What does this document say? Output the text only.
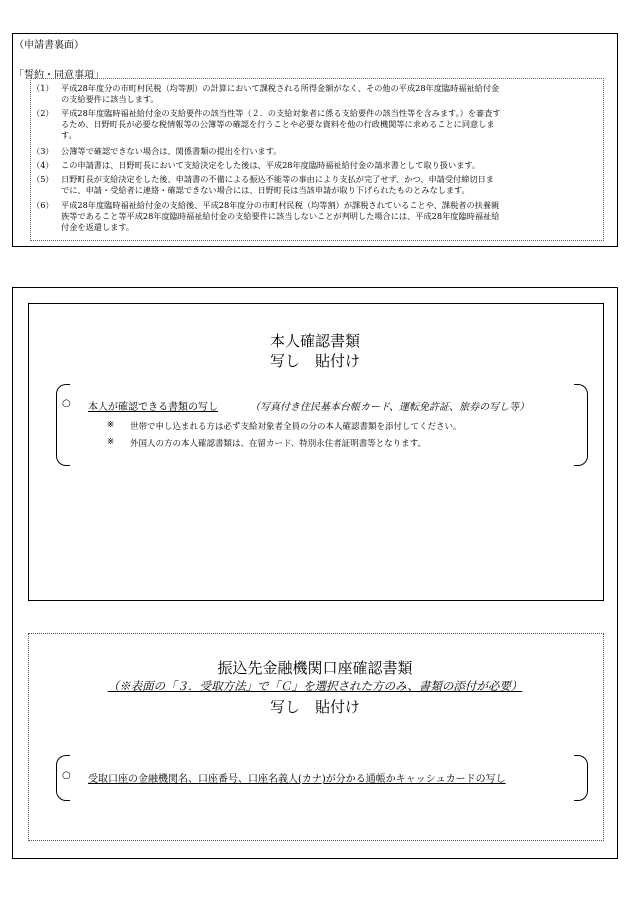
（申請書裏面）
「誓約・同意事項」
（1） 平成28年度分の市町村民税（均等割）の計算において課税される所得金額がなく、その他の平成28年度臨時福祉給付金
の支給要件に該当します。
（2） 平成28年度臨時福祉給付金の支給要件の該当性等（２．の支給対象者に係る支給要件の該当性等を含みます。）を審査す
るため、日野町長が必要な税情報等の公簿等の確認を行うことや必要な資料を他の行政機関等に求めることに同意しま
す。
（3） 公簿等で確認できない場合は、関係書類の提出を行います。
（4） この申請書は、日野町長において支給決定をした後は、平成28年度臨時福祉給付金の請求書として取り扱います。
（5） 日野町長が支給決定をした後、申請書の不備による振込不能等の事由により支払が完了せず、かつ、申請受付締切日ま
でに、申請・受給者に連絡・確認できない場合には、日野町長は当該申請が取り下げられたものとみなします。
（6） 平成28年度臨時福祉給付金の支給後、平成28年度分の市町村民税（均等割）が課税されていることや、課税者の扶養親
族等であること等平成28年度臨時福祉給付金の支給要件に該当しないことが判明した場合には、平成28年度臨時福祉給
付金を返還します。
本人確認書類
写し　貼付け
○ 本人が確認できる書類の写し	（写真付き住民基本台帳カード、運転免許証、旅券の写し等）
※ 世帯で申し込まれる方は必ず支給対象者全員の分の本人確認書類を添付してください。
※ 外国人の方の本人確認書類は、在留カード、特別永住者証明書等となります。
振込先金融機関口座確認書類
（※表面の「３．受取方法」で「Ｃ」を選択された方のみ、書類の添付が必要）
写し　貼付け
○ 受取口座の金融機関名、口座番号、口座名義人(カナ)が分かる通帳かキャッシュカードの写し
